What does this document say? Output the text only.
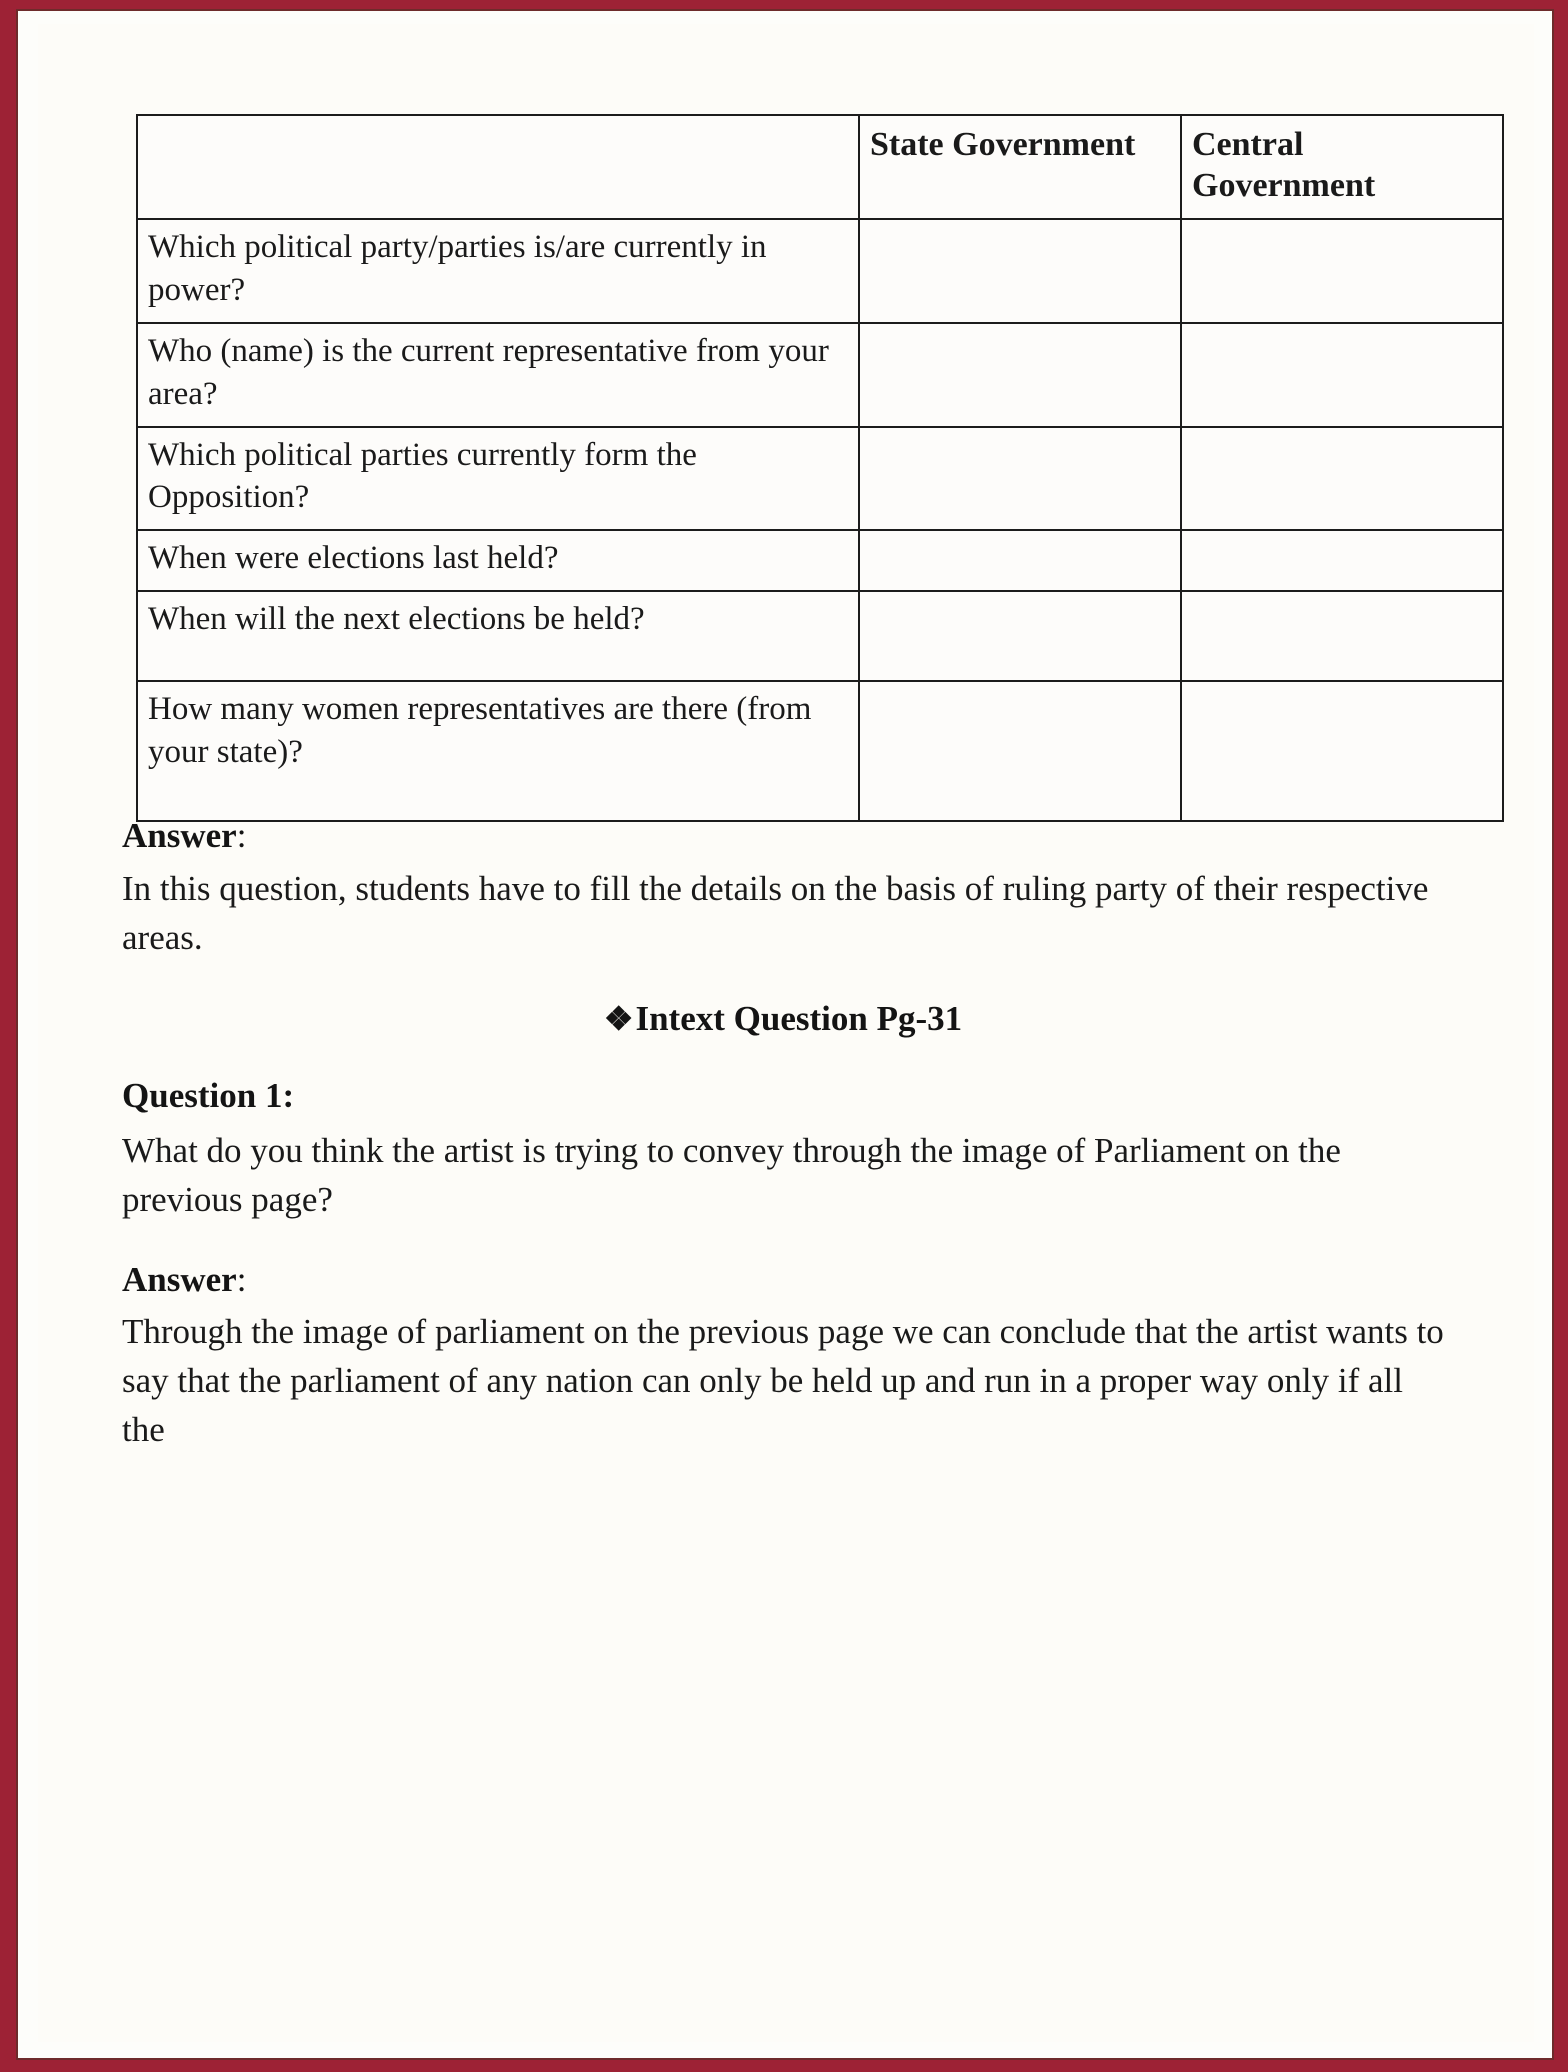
	State Government	Central Government
Which political party/parties is/are currently in power?		
Who (name) is the current representative from your area?		
Which political parties currently form the Opposition?		
When were elections last held?		
When will the next elections be held?		
How many women representatives are there (from your state)?		

Answer:

In this question, students have to fill the details on the basis of ruling party of their respective areas.

❖Intext Question Pg-31

Question 1:

What do you think the artist is trying to convey through the image of Parliament on the previous page?

Answer:

Through the image of parliament on the previous page we can conclude that the artist wants to say that the parliament of any nation can only be held up and run in a proper way only if all the
